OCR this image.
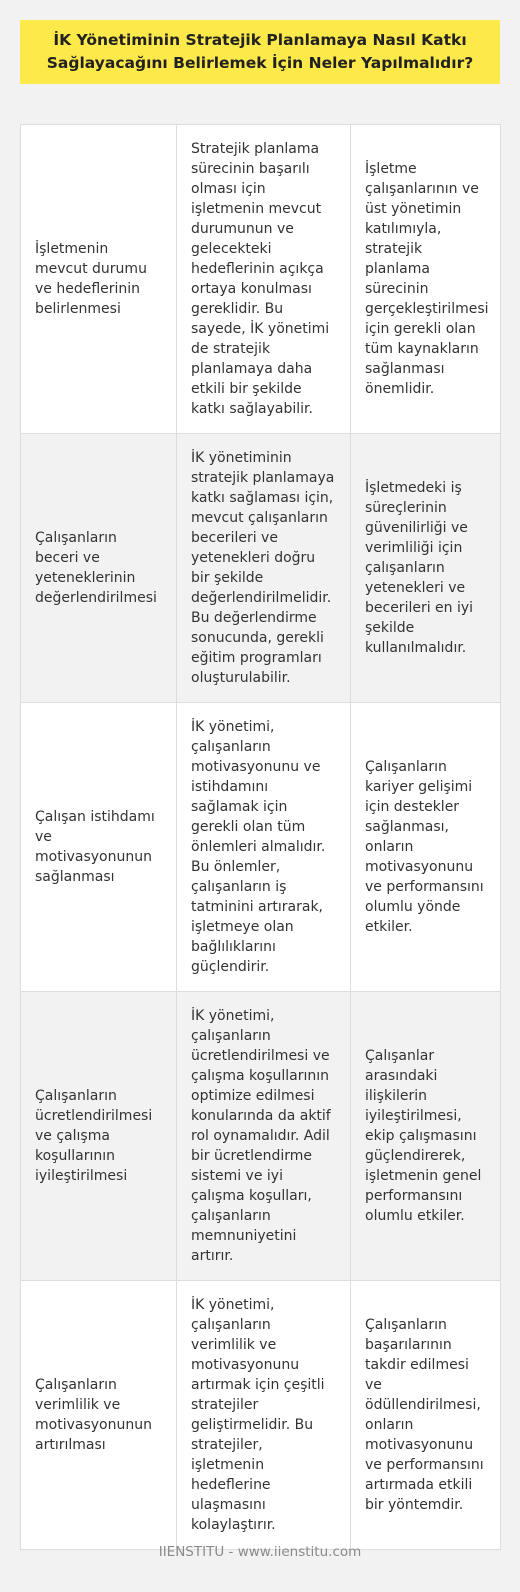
İK Yönetiminin Stratejik Planlamaya Nasıl Katkı Sağlayacağını Belirlemek İçin Neler Yapılmalıdır?
İşletmenin mevcut durumu ve hedeflerinin belirlenmesi	Stratejik planlama sürecinin başarılı olması için işletmenin mevcut durumunun ve gelecekteki hedeflerinin açıkça ortaya konulması gereklidir. Bu sayede, İK yönetimi de stratejik planlamaya daha etkili bir şekilde katkı sağlayabilir.	İşletme çalışanlarının ve üst yönetimin katılımıyla, stratejik planlama sürecinin gerçekleştirilmesi için gerekli olan tüm kaynakların sağlanması önemlidir.
Çalışanların beceri ve yeteneklerinin değerlendirilmesi	İK yönetiminin stratejik planlamaya katkı sağlaması için, mevcut çalışanların becerileri ve yetenekleri doğru bir şekilde değerlendirilmelidir. Bu değerlendirme sonucunda, gerekli eğitim programları oluşturulabilir.	İşletmedeki iş süreçlerinin güvenilirliği ve verimliliği için çalışanların yetenekleri ve becerileri en iyi şekilde kullanılmalıdır.
Çalışan istihdamı ve motivasyonunun sağlanması	İK yönetimi, çalışanların motivasyonunu ve istihdamını sağlamak için gerekli olan tüm önlemleri almalıdır. Bu önlemler, çalışanların iş tatminini artırarak, işletmeye olan bağlılıklarını güçlendirir.	Çalışanların kariyer gelişimi için destekler sağlanması, onların motivasyonunu ve performansını olumlu yönde etkiler.
Çalışanların ücretlendirilmesi ve çalışma koşullarının iyileştirilmesi	İK yönetimi, çalışanların ücretlendirilmesi ve çalışma koşullarının optimize edilmesi konularında da aktif rol oynamalıdır. Adil bir ücretlendirme sistemi ve iyi çalışma koşulları, çalışanların memnuniyetini artırır.	Çalışanlar arasındaki ilişkilerin iyileştirilmesi, ekip çalışmasını güçlendirerek, işletmenin genel performansını olumlu etkiler.
Çalışanların verimlilik ve motivasyonunun artırılması	İK yönetimi, çalışanların verimlilik ve motivasyonunu artırmak için çeşitli stratejiler geliştirmelidir. Bu stratejiler, işletmenin hedeflerine ulaşmasını kolaylaştırır.	Çalışanların başarılarının takdir edilmesi ve ödüllendirilmesi, onların motivasyonunu ve performansını artırmada etkili bir yöntemdir.
IIENSTITU - www.iienstitu.com
